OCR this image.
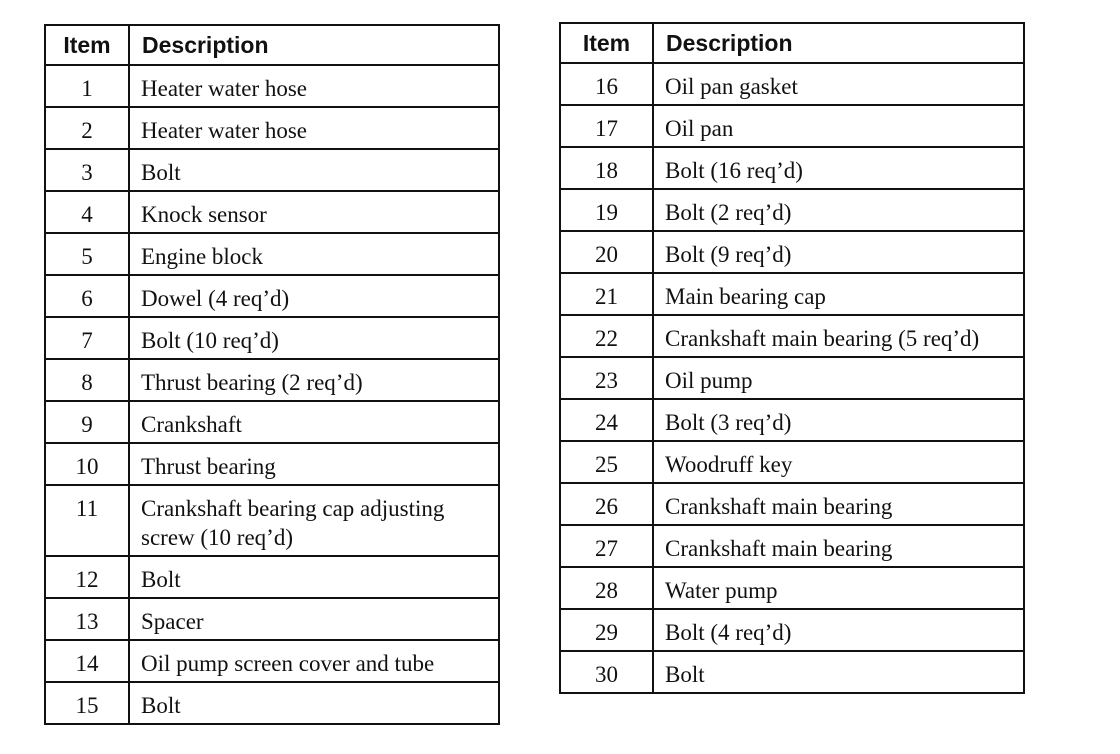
Item	Description
1	Heater water hose
2	Heater water hose
3	Bolt
4	Knock sensor
5	Engine block
6	Dowel (4 req’d)
7	Bolt (10 req’d)
8	Thrust bearing (2 req’d)
9	Crankshaft
10	Thrust bearing
11	Crankshaft bearing cap adjusting screw (10 req’d)
12	Bolt
13	Spacer
14	Oil pump screen cover and tube
15	Bolt
Item	Description
16	Oil pan gasket
17	Oil pan
18	Bolt (16 req’d)
19	Bolt (2 req’d)
20	Bolt (9 req’d)
21	Main bearing cap
22	Crankshaft main bearing (5 req’d)
23	Oil pump
24	Bolt (3 req’d)
25	Woodruff key
26	Crankshaft main bearing
27	Crankshaft main bearing
28	Water pump
29	Bolt (4 req’d)
30	Bolt
